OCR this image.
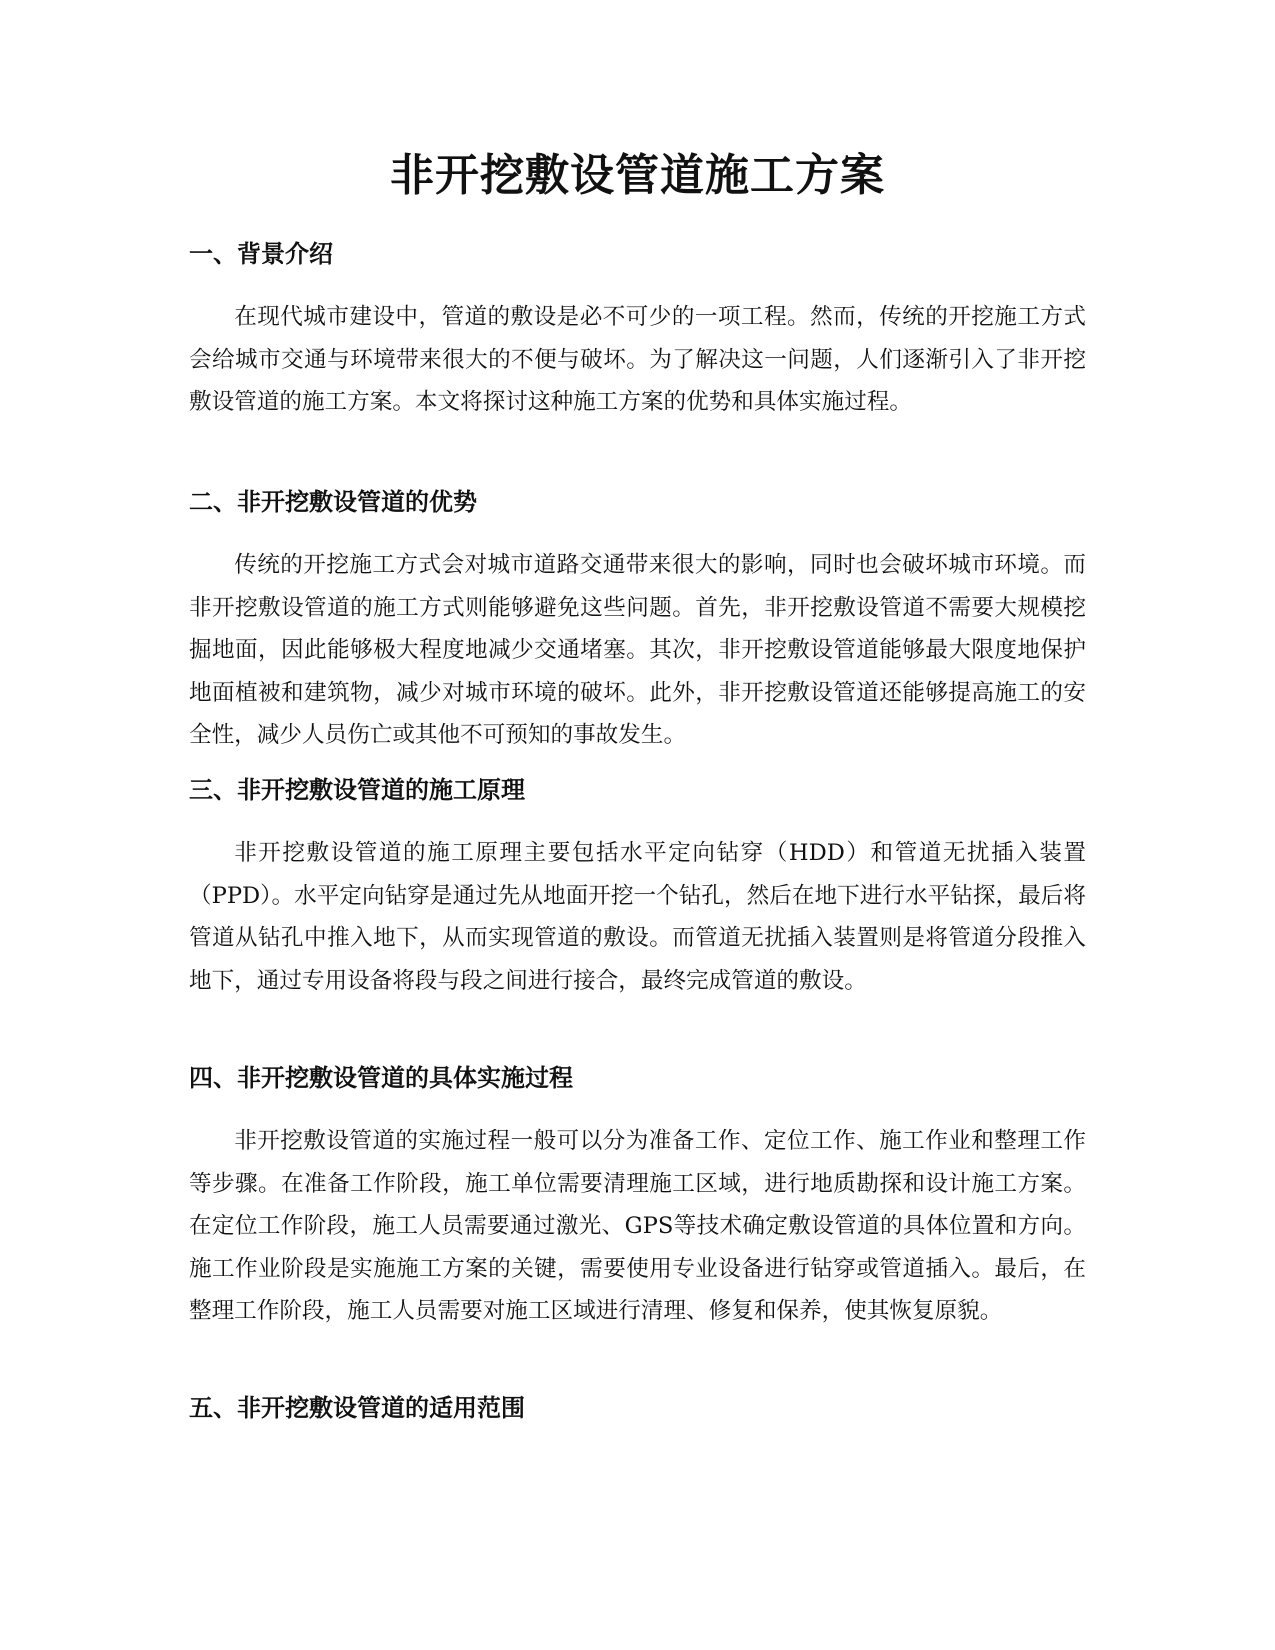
非开挖敷设管道施工方案
一、背景介绍

在现代城市建设中，管道的敷设是必不可少的一项工程。然而，传统的开挖施工方式会给城市交通与环境带来很大的不便与破坏。为了解决这一问题，人们逐渐引入了非开挖敷设管道的施工方案。本文将探讨这种施工方案的优势和具体实施过程。

二、非开挖敷设管道的优势

传统的开挖施工方式会对城市道路交通带来很大的影响，同时也会破坏城市环境。而非开挖敷设管道的施工方式则能够避免这些问题。首先，非开挖敷设管道不需要大规模挖掘地面，因此能够极大程度地减少交通堵塞。其次，非开挖敷设管道能够最大限度地保护地面植被和建筑物，减少对城市环境的破坏。此外，非开挖敷设管道还能够提高施工的安全性，减少人员伤亡或其他不可预知的事故发生。

三、非开挖敷设管道的施工原理

非开挖敷设管道的施工原理主要包括水平定向钻穿（HDD）和管道无扰插入装置（PPD）。水平定向钻穿是通过先从地面开挖一个钻孔，然后在地下进行水平钻探，最后将管道从钻孔中推入地下，从而实现管道的敷设。而管道无扰插入装置则是将管道分段推入地下，通过专用设备将段与段之间进行接合，最终完成管道的敷设。

四、非开挖敷设管道的具体实施过程

非开挖敷设管道的实施过程一般可以分为准备工作、定位工作、施工作业和整理工作等步骤。在准备工作阶段，施工单位需要清理施工区域，进行地质勘探和设计施工方案。在定位工作阶段，施工人员需要通过激光、GPS等技术确定敷设管道的具体位置和方向。施工作业阶段是实施施工方案的关键，需要使用专业设备进行钻穿或管道插入。最后，在整理工作阶段，施工人员需要对施工区域进行清理、修复和保养，使其恢复原貌。

五、非开挖敷设管道的适用范围
